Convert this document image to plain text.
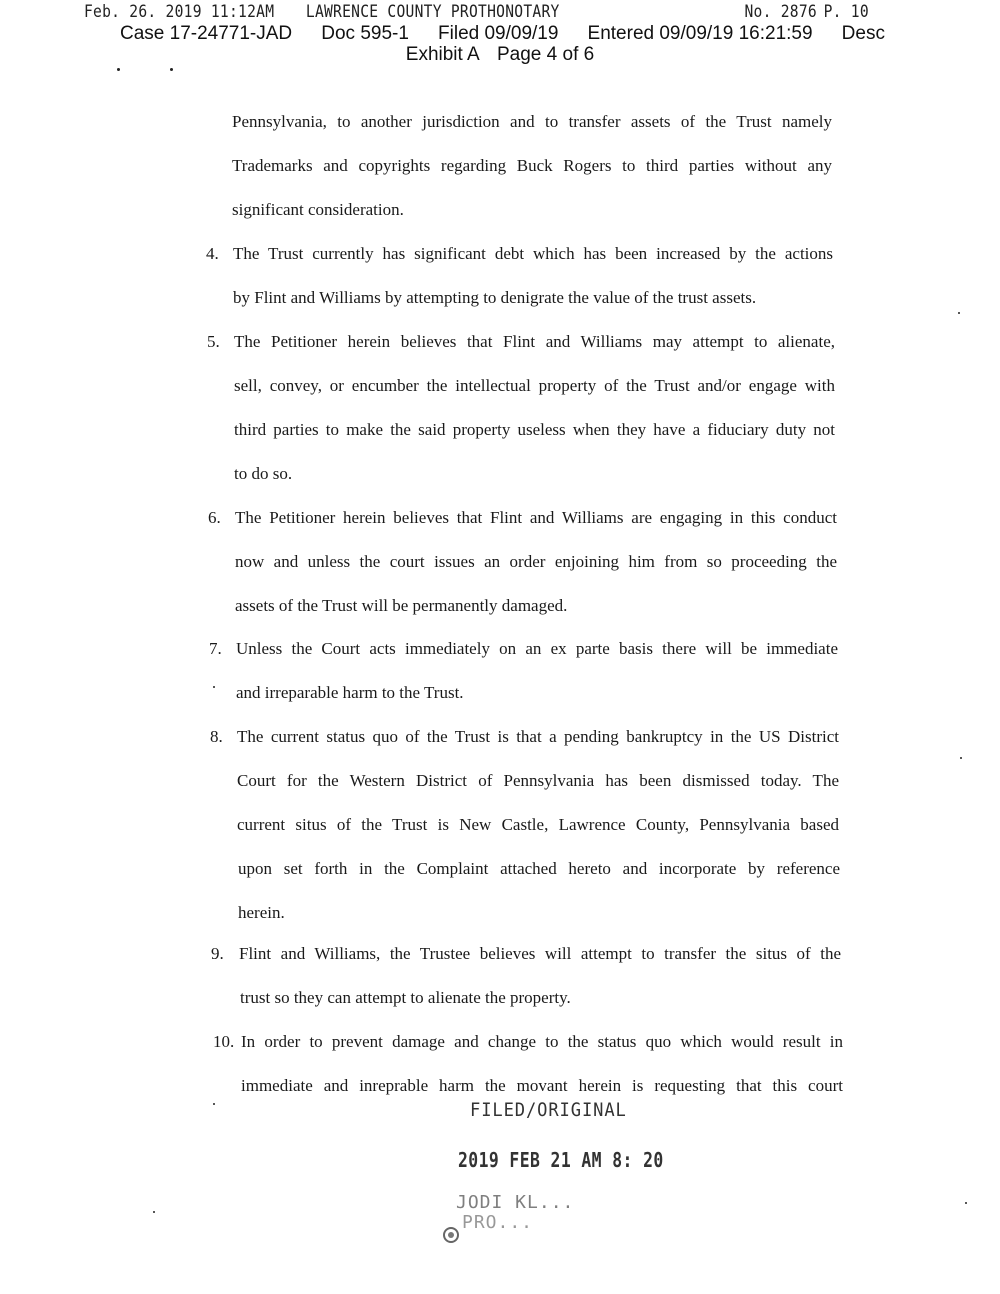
Feb. 26. 2019 11:12AM LAWRENCE COUNTY PROTHONOTARY	No. 2876 P. 10
Case 17-24771-JAD Doc 595-1 Filed 09/09/19 Entered 09/09/19 16:21:59 Desc
Exhibit A Page 4 of 6
Pennsylvania, to another jurisdiction and to transfer assets of the Trust namely
Trademarks and copyrights regarding Buck Rogers to third parties without any
significant consideration.
4. The Trust currently has significant debt which has been increased by the actions
by Flint and Williams by attempting to denigrate the value of the trust assets.
5. The Petitioner herein believes that Flint and Williams may attempt to alienate,
sell, convey, or encumber the intellectual property of the Trust and/or engage with
third parties to make the said property useless when they have a fiduciary duty not
to do so.
6. The Petitioner herein believes that Flint and Williams are engaging in this conduct
now and unless the court issues an order enjoining him from so proceeding the
assets of the Trust will be permanently damaged.
7. Unless the Court acts immediately on an ex parte basis there will be immediate
and irreparable harm to the Trust.
8. The current status quo of the Trust is that a pending bankruptcy in the US District
Court for the Western District of Pennsylvania has been dismissed today. The
current situs of the Trust is New Castle, Lawrence County, Pennsylvania based
upon set forth in the Complaint attached hereto and incorporate by reference
herein.
9. Flint and Williams, the Trustee believes will attempt to transfer the situs of the
trust so they can attempt to alienate the property.
10. In order to prevent damage and change to the status quo which would result in
immediate and inreprable harm the movant herein is requesting that this court
FILED/ORIGINAL
2019 FEB 21 AM 8: 20
JODI KL...
PRO...
